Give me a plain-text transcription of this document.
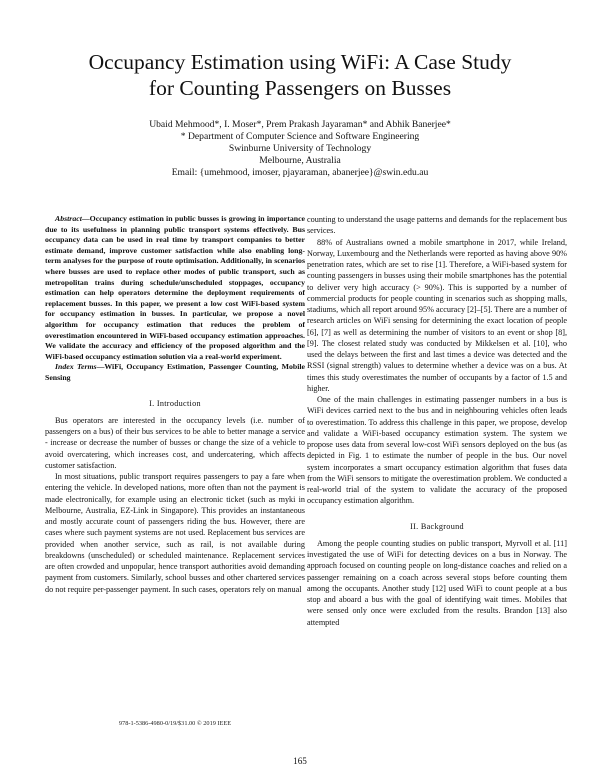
Occupancy Estimation using WiFi: A Case Study
for Counting Passengers on Busses
Ubaid Mehmood*, I. Moser*, Prem Prakash Jayaraman* and Abhik Banerjee*
* Department of Computer Science and Software Engineering
Swinburne University of Technology
Melbourne, Australia
Email: {umehmood, imoser, pjayaraman, abanerjee}@swin.edu.au

Abstract—Occupancy estimation in public busses is growing in importance due to its usefulness in planning public transport systems effectively. Bus occupancy data can be used in real time by transport companies to better estimate demand, improve customer satisfaction while also enabling long-term analyses for the purpose of route optimisation. Additionally, in scenarios where busses are used to replace other modes of public transport, such as metropolitan trains during schedule/unscheduled stoppages, occupancy estimation can help operators determine the deployment requirements of replacement busses. In this paper, we present a low cost WiFi-based system for occupancy estimation in busses. In particular, we propose a novel algorithm for occupancy estimation that reduces the problem of overestimation encountered in WiFi-based occupancy estimation approaches. We validate the accuracy and efficiency of the proposed algorithm and the WiFi-based occupancy estimation solution via a real-world experiment.

Index Terms—WiFi, Occupancy Estimation, Passenger Counting, Mobile Sensing

I. Introduction

Bus operators are interested in the occupancy levels (i.e. number of passengers on a bus) of their bus services to be able to better manage a service - increase or decrease the number of busses or change the size of a vehicle to avoid overcatering, which increases cost, and undercatering, which affects customer satisfaction.

In most situations, public transport requires passengers to pay a fare when entering the vehicle. In developed nations, more often than not the payment is made electronically, for example using an electronic ticket (such as myki in Melbourne, Australia, EZ-Link in Singapore). This provides an instantaneous and mostly accurate count of passengers riding the bus. However, there are cases where such payment systems are not used. Replacement bus services are provided when another service, such as rail, is not available during breakdowns (unscheduled) or scheduled maintenance. Replacement services are often crowded and unpopular, hence transport authorities avoid demanding payment from customers. Similarly, school busses and other chartered services do not require per-passenger payment. In such cases, operators rely on manual

counting to understand the usage patterns and demands for the replacement bus services.

88% of Australians owned a mobile smartphone in 2017, while Ireland, Norway, Luxembourg and the Netherlands were reported as having above 90% penetration rates, which are set to rise [1]. Therefore, a WiFi-based system for counting passengers in busses using their mobile smartphones has the potential to deliver very high accuracy (> 90%). This is supported by a number of commercial products for people counting in scenarios such as shopping malls, stadiums, which all report around 95% accuracy [2]–[5]. There are a number of research articles on WiFi sensing for determining the exact location of people [6], [7] as well as determining the number of visitors to an event or shop [8], [9]. The closest related study was conducted by Mikkelsen et al. [10], who used the delays between the first and last times a device was detected and the RSSI (signal strength) values to determine whether a device was on a bus. At times this study overestimates the number of occupants by a factor of 1.5 and higher.

One of the main challenges in estimating passenger numbers in a bus is WiFi devices carried next to the bus and in neighbouring vehicles often leads to overestimation. To address this challenge in this paper, we propose, develop and validate a WiFi-based occupancy estimation system. The system we propose uses data from several low-cost WiFi sensors deployed on the bus (as depicted in Fig. 1 to estimate the number of people in the bus. Our novel system incorporates a smart occupancy estimation algorithm that fuses data from the WiFi sensors to mitigate the overestimation problem. We conducted a real-world trial of the system to validate the accuracy of the proposed occupancy estimation algorithm.

II. Background

Among the people counting studies on public transport, Myrvoll et al. [11] investigated the use of WiFi for detecting devices on a bus in Norway. The approach focused on counting people on long-distance coaches and relied on a passenger remaining on a coach across several stops before counting them among the occupants. Another study [12] used WiFi to count people at a bus stop and aboard a bus with the goal of identifying wait times. Mobiles that were sensed only once were excluded from the results. Brandon [13] also attempted

978-1-5386-4980-0/19/$31.00 © 2019 IEEE
165
